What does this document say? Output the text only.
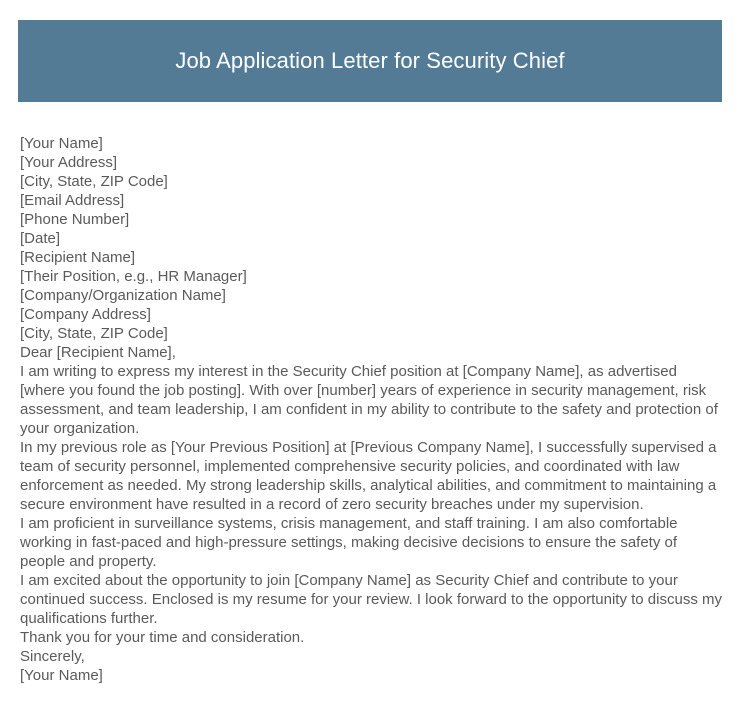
Job Application Letter for Security Chief
[Your Name]
[Your Address]
[City, State, ZIP Code]
[Email Address]
[Phone Number]
[Date]
[Recipient Name]
[Their Position, e.g., HR Manager]
[Company/Organization Name]
[Company Address]
[City, State, ZIP Code]
Dear [Recipient Name],

I am writing to express my interest in the Security Chief position at [Company Name], as advertised [where you found the job posting]. With over [number] years of experience in security management, risk assessment, and team leadership, I am confident in my ability to contribute to the safety and protection of your organization.

In my previous role as [Your Previous Position] at [Previous Company Name], I successfully supervised a team of security personnel, implemented comprehensive security policies, and coordinated with law enforcement as needed. My strong leadership skills, analytical abilities, and commitment to maintaining a secure environment have resulted in a record of zero security breaches under my supervision.

I am proficient in surveillance systems, crisis management, and staff training. I am also comfortable working in fast-paced and high-pressure settings, making decisive decisions to ensure the safety of people and property.

I am excited about the opportunity to join [Company Name] as Security Chief and contribute to your continued success. Enclosed is my resume for your review. I look forward to the opportunity to discuss my qualifications further.

Thank you for your time and consideration.

Sincerely,
[Your Name]
